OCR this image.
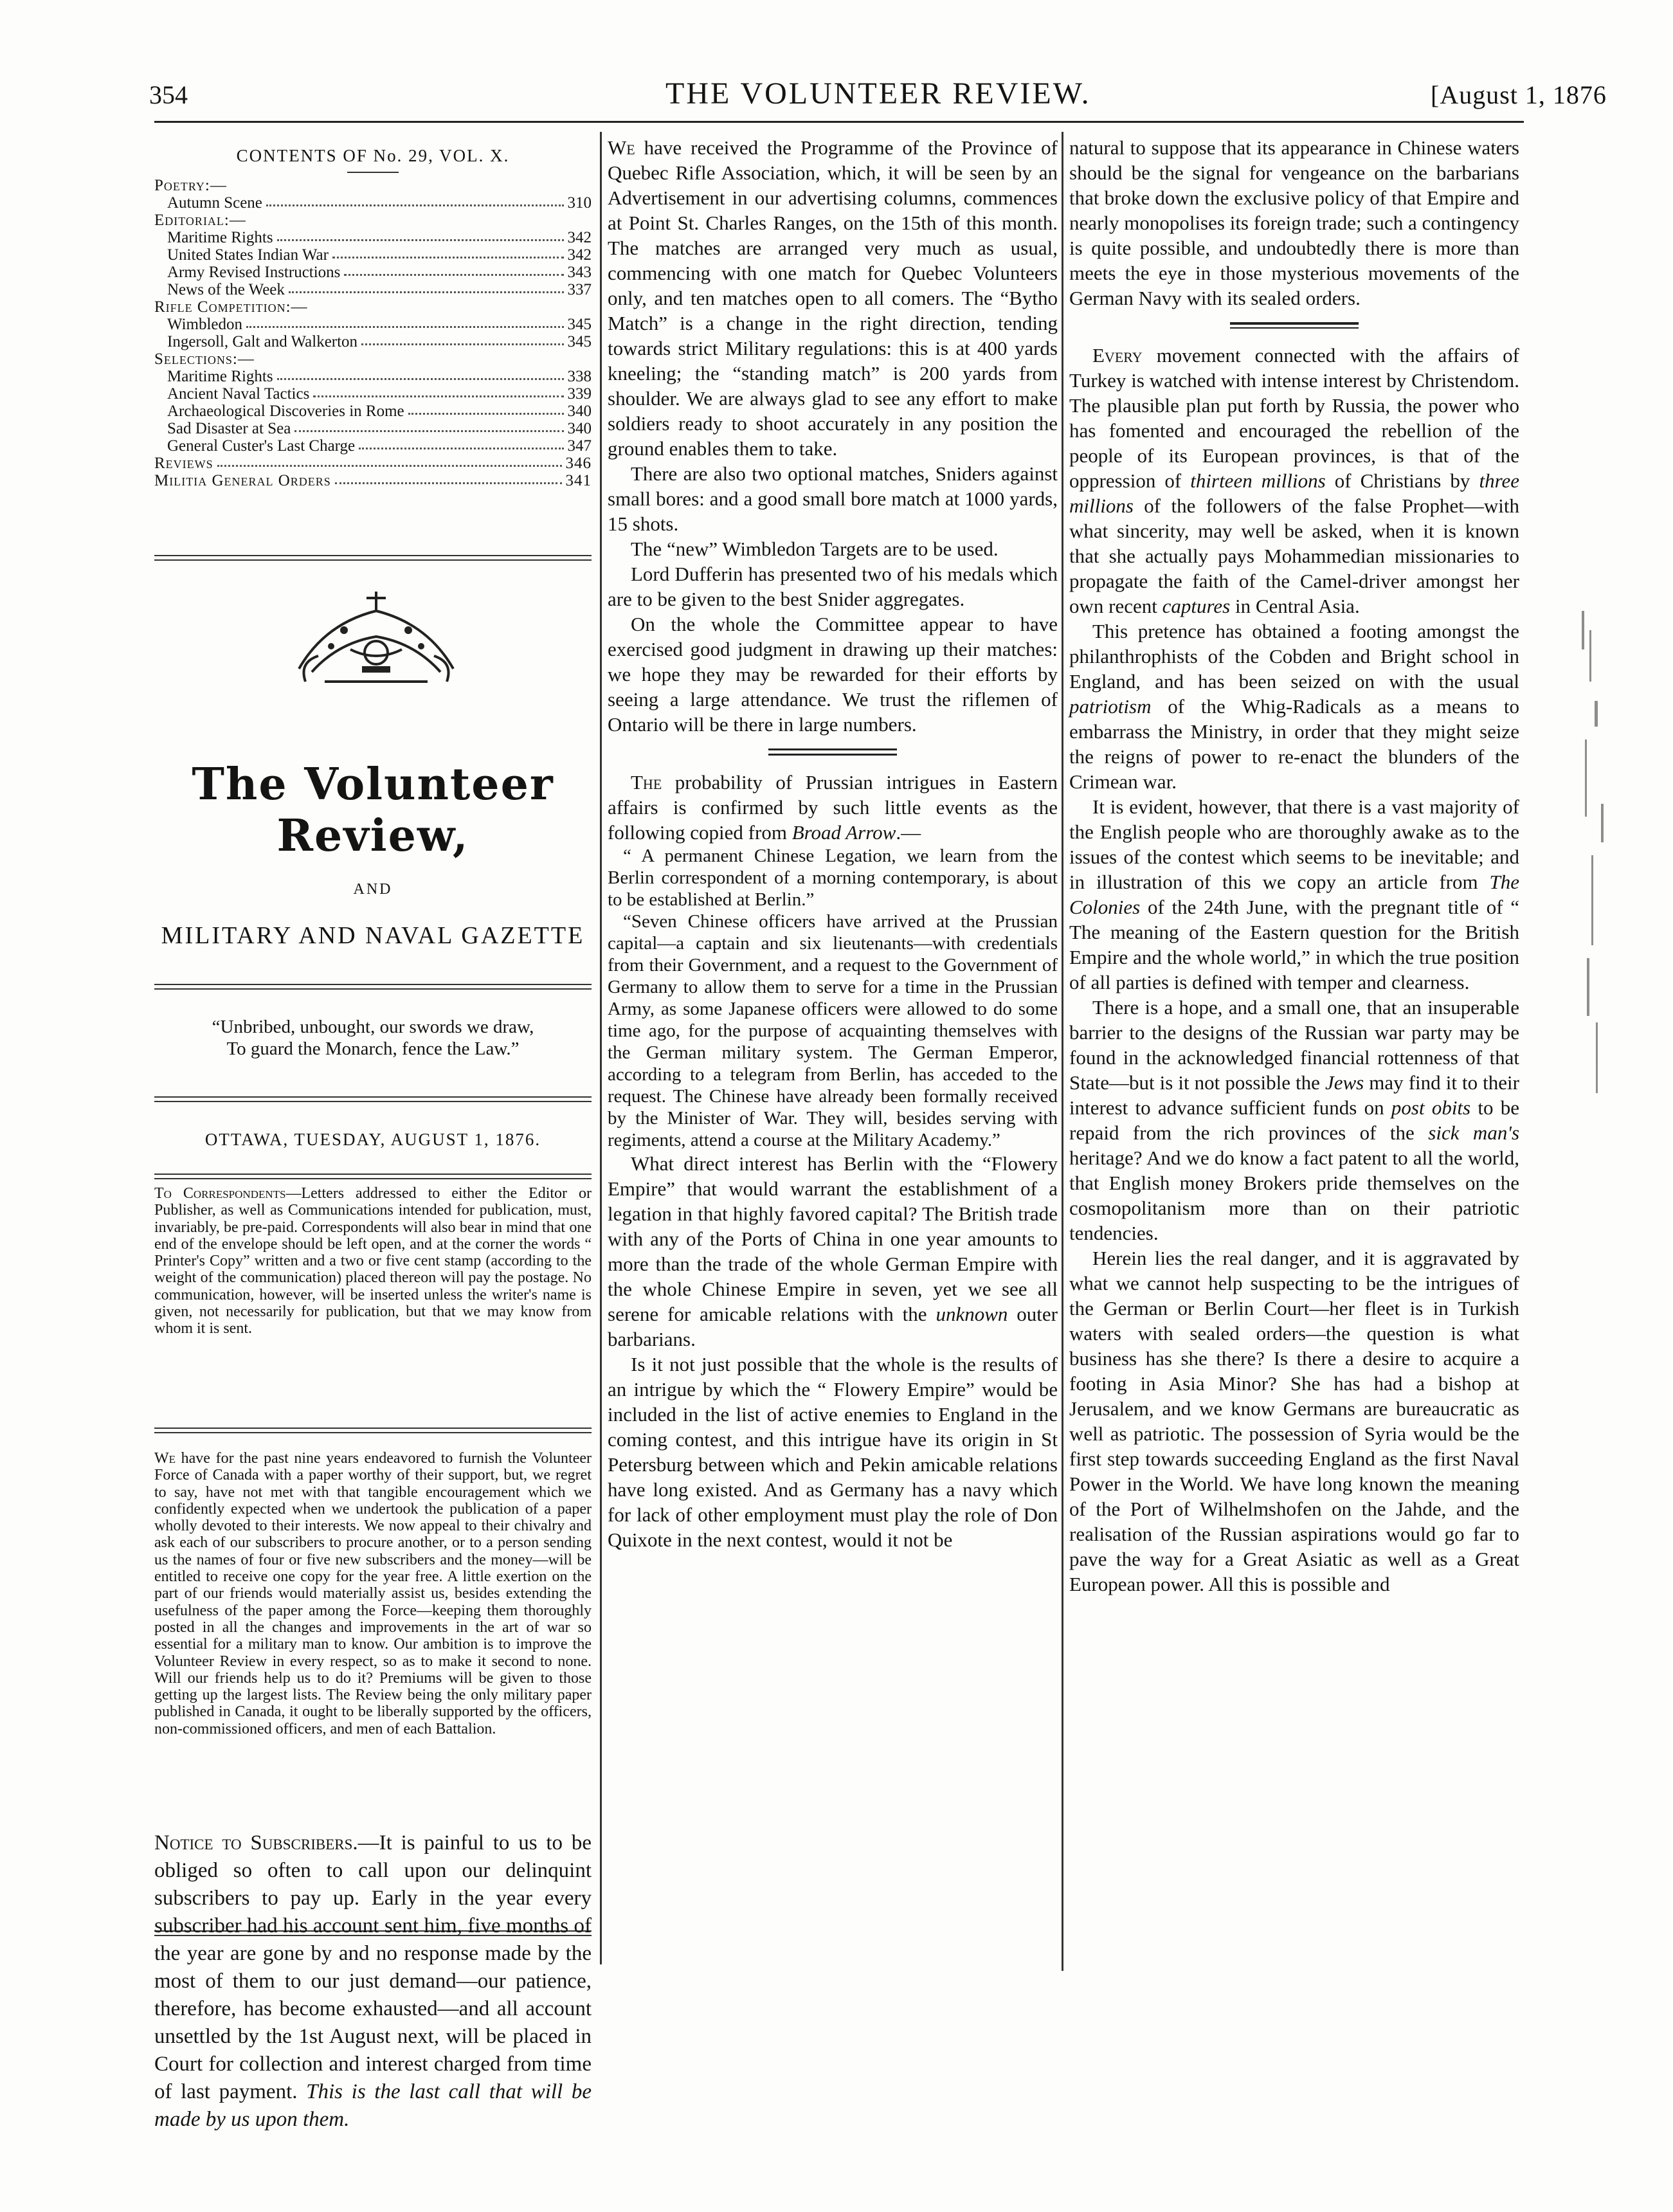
354	THE VOLUNTEER REVIEW.	[August 1, 1876
CONTENTS OF No. 29, VOL. X.
Poetry:—
Autumn Scene	310
Editorial:—
Maritime Rights	342
United States Indian War	342
Army Revised Instructions	343
News of the Week	337
Rifle Competition:—
Wimbledon	345
Ingersoll, Galt and Walkerton	345
Selections:—
Maritime Rights	338
Ancient Naval Tactics	339
Archaeological Discoveries in Rome	340
Sad Disaster at Sea	340
General Custer's Last Charge	347
Reviews	346
Militia General Orders	341
The Volunteer Review,
AND
MILITARY AND NAVAL GAZETTE
“Unbribed, unbought, our swords we draw,
To guard the Monarch, fence the Law.”
OTTAWA, TUESDAY, AUGUST 1, 1876.
To Correspondents—Letters addressed to either the Editor or Publisher, as well as Communications intended for publication, must, invariably, be pre-paid. Correspondents will also bear in mind that one end of the envelope should be left open, and at the corner the words “ Printer's Copy” written and a two or five cent stamp (according to the weight of the communication) placed thereon will pay the postage. No communication, however, will be inserted unless the writer's name is given, not necessarily for publication, but that we may know from whom it is sent.
We have for the past nine years endeavored to furnish the Volunteer Force of Canada with a paper worthy of their support, but, we regret to say, have not met with that tangible encouragement which we confidently expected when we undertook the publication of a paper wholly devoted to their interests. We now appeal to their chivalry and ask each of our subscribers to procure another, or to a person sending us the names of four or five new subscribers and the money—will be entitled to receive one copy for the year free. A little exertion on the part of our friends would materially assist us, besides extending the usefulness of the paper among the Force—keeping them thoroughly posted in all the changes and improvements in the art of war so essential for a military man to know. Our ambition is to improve the Volunteer Review in every respect, so as to make it second to none. Will our friends help us to do it? Premiums will be given to those getting up the largest lists. The Review being the only military paper published in Canada, it ought to be liberally supported by the officers, non-commissioned officers, and men of each Battalion.
Notice to Subscribers.—It is painful to us to be obliged so often to call upon our delinquint subscribers to pay up. Early in the year every subscriber had his account sent him, five months of the year are gone by and no response made by the most of them to our just demand—our patience, therefore, has become exhausted—and all account unsettled by the 1st August next, will be placed in Court for collection and interest charged from time of last payment. This is the last call that will be made by us upon them.

We have received the Programme of the Province of Quebec Rifle Association, which, it will be seen by an Advertisement in our advertising columns, commences at Point St. Charles Ranges, on the 15th of this month. The matches are arranged very much as usual, commencing with one match for Quebec Volunteers only, and ten matches open to all comers. The “Bytho Match” is a change in the right direction, tending towards strict Military regulations: this is at 400 yards kneeling; the “standing match” is 200 yards from shoulder. We are always glad to see any effort to make soldiers ready to shoot accurately in any position the ground enables them to take.

There are also two optional matches, Sniders against small bores: and a good small bore match at 1000 yards, 15 shots.

The “new” Wimbledon Targets are to be used.

Lord Dufferin has presented two of his medals which are to be given to the best Snider aggregates.

On the whole the Committee appear to have exercised good judgment in drawing up their matches: we hope they may be rewarded for their efforts by seeing a large attendance. We trust the riflemen of Ontario will be there in large numbers.

The probability of Prussian intrigues in Eastern affairs is confirmed by such little events as the following copied from Broad Arrow.—

“ A permanent Chinese Legation, we learn from the Berlin correspondent of a morning contemporary, is about to be established at Berlin.”

“Seven Chinese officers have arrived at the Prussian capital—a captain and six lieutenants—with credentials from their Government, and a request to the Government of Germany to allow them to serve for a time in the Prussian Army, as some Japanese officers were allowed to do some time ago, for the purpose of acquainting themselves with the German military system. The German Emperor, according to a telegram from Berlin, has acceded to the request. The Chinese have already been formally received by the Minister of War. They will, besides serving with regiments, attend a course at the Military Academy.”

What direct interest has Berlin with the “Flowery Empire” that would warrant the establishment of a legation in that highly favored capital? The British trade with any of the Ports of China in one year amounts to more than the trade of the whole German Empire with the whole Chinese Empire in seven, yet we see all serene for amicable relations with the unknown outer barbarians.

Is it not just possible that the whole is the results of an intrigue by which the “ Flowery Empire” would be included in the list of active enemies to England in the coming contest, and this intrigue have its origin in St Petersburg between which and Pekin amicable relations have long existed. And as Germany has a navy which for lack of other employment must play the role of Don Quixote in the next contest, would it not be

natural to suppose that its appearance in Chinese waters should be the signal for vengeance on the barbarians that broke down the exclusive policy of that Empire and nearly monopolises its foreign trade; such a contingency is quite possible, and undoubtedly there is more than meets the eye in those mysterious movements of the German Navy with its sealed orders.

Every movement connected with the affairs of Turkey is watched with intense interest by Christendom. The plausible plan put forth by Russia, the power who has fomented and encouraged the rebellion of the people of its European provinces, is that of the oppression of thirteen millions of Christians by three millions of the followers of the false Prophet—with what sincerity, may well be asked, when it is known that she actually pays Mohammedian missionaries to propagate the faith of the Camel-driver amongst her own recent captures in Central Asia.

This pretence has obtained a footing amongst the philanthrophists of the Cobden and Bright school in England, and has been seized on with the usual patriotism of the Whig-Radicals as a means to embarrass the Ministry, in order that they might seize the reigns of power to re-enact the blunders of the Crimean war.

It is evident, however, that there is a vast majority of the English people who are thoroughly awake as to the issues of the contest which seems to be inevitable; and in illustration of this we copy an article from The Colonies of the 24th June, with the pregnant title of “ The meaning of the Eastern question for the British Empire and the whole world,” in which the true position of all parties is defined with temper and clearness.

There is a hope, and a small one, that an insuperable barrier to the designs of the Russian war party may be found in the acknowledged financial rottenness of that State—but is it not possible the Jews may find it to their interest to advance sufficient funds on post obits to be repaid from the rich provinces of the sick man's heritage? And we do know a fact patent to all the world, that English money Brokers pride themselves on the cosmopolitanism more than on their patriotic tendencies.

Herein lies the real danger, and it is aggravated by what we cannot help suspecting to be the intrigues of the German or Berlin Court—her fleet is in Turkish waters with sealed orders—the question is what business has she there? Is there a desire to acquire a footing in Asia Minor? She has had a bishop at Jerusalem, and we know Germans are bureaucratic as well as patriotic. The possession of Syria would be the first step towards succeeding England as the first Naval Power in the World. We have long known the meaning of the Port of Wilhelmshofen on the Jahde, and the realisation of the Russian aspirations would go far to pave the way for a Great Asiatic as well as a Great European power. All this is possible and
